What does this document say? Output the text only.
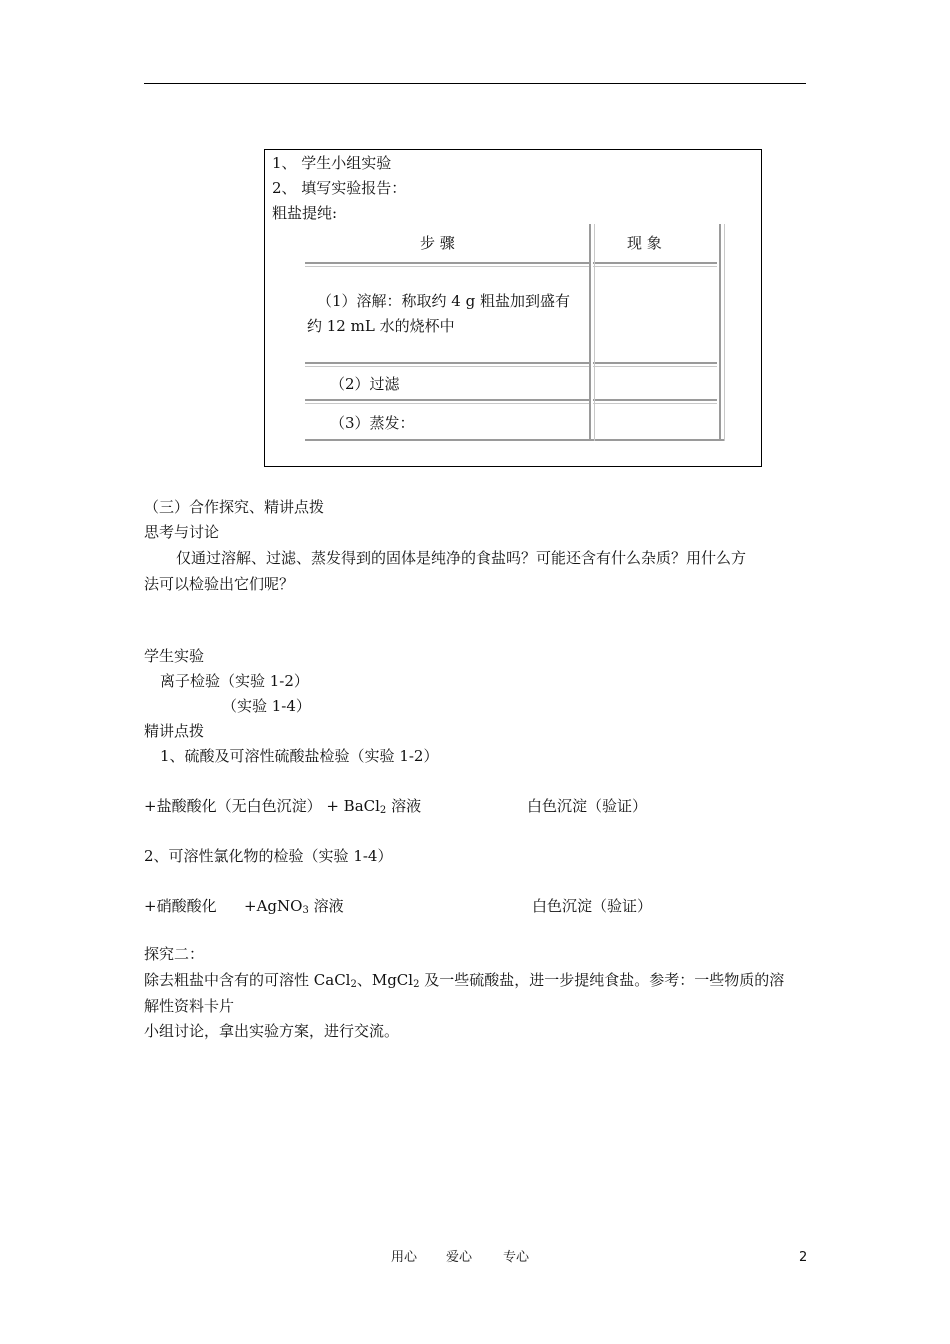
1、 学生小组实验
2、 填写实验报告：
粗盐提纯:
步 骤	现 象
（1）溶解：称取约 4 g 粗盐加到盛有
约 12 mL 水的烧杯中
（2）过滤
（3）蒸发：
（三）合作探究、精讲点拨
思考与讨论
仅通过溶解、过滤、蒸发得到的固体是纯净的食盐吗？可能还含有什么杂质？用什么方
法可以检验出它们呢？
学生实验
离子检验（实验 1-2）
（实验 1-4）
精讲点拨
1、硫酸及可溶性硫酸盐检验（实验 1-2）
+盐酸酸化（无白色沉淀） + BaCl$_2$ 溶液	白色沉淀（验证）
2、可溶性氯化物的检验（实验 1-4）
+硝酸酸化 +AgNO$_3$ 溶液	白色沉淀（验证）
探究二：
除去粗盐中含有的可溶性 CaCl$_2$、MgCl$_2$ 及一些硫酸盐，进一步提纯食盐。参考：一些物质的溶
解性资料卡片
小组讨论，拿出实验方案，进行交流。
用心 爱心 专心	2
